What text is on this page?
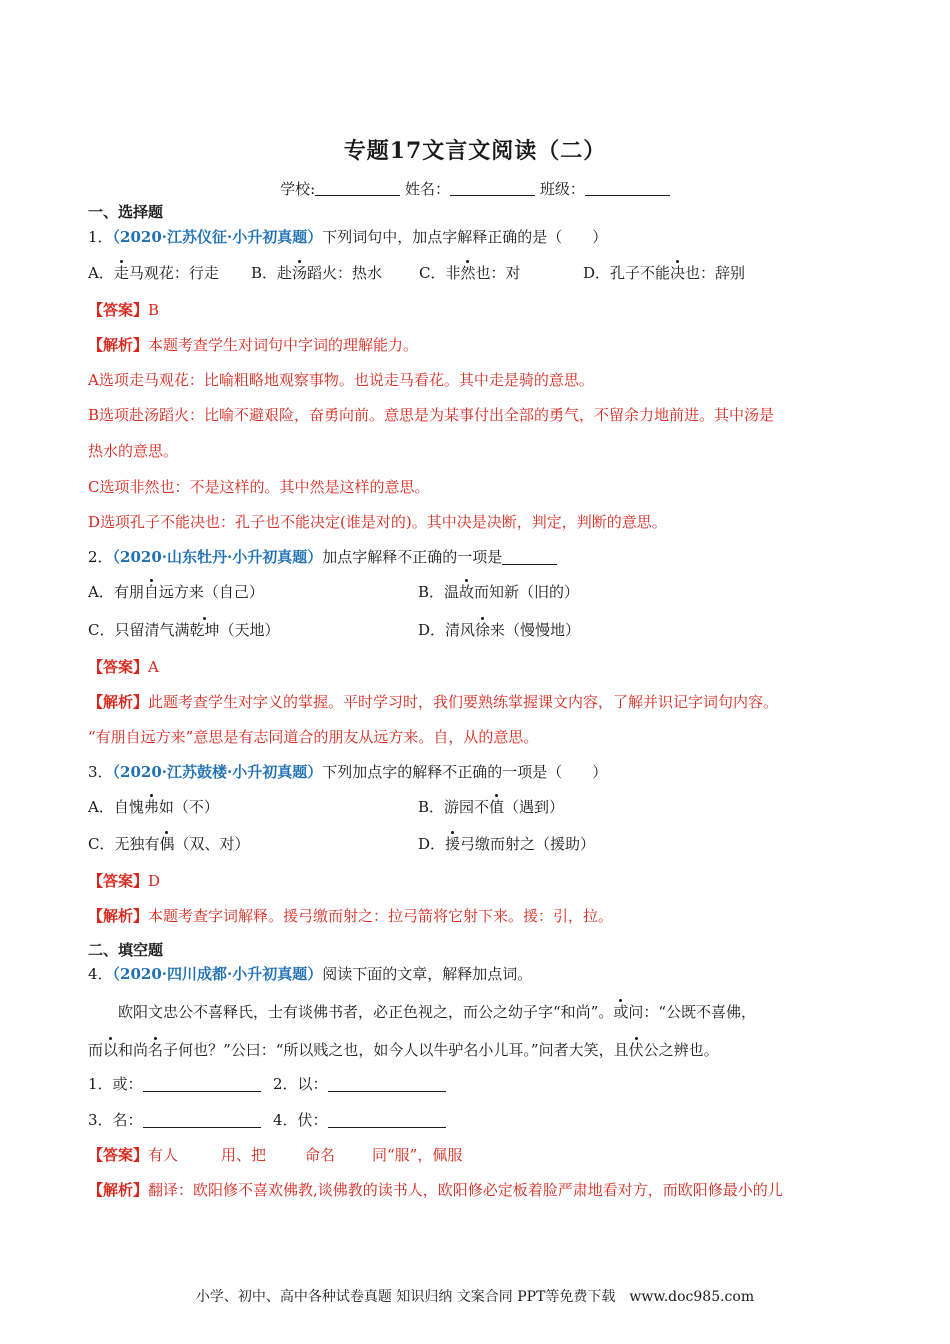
专题17文言文阅读（二）
学校:	姓名：	班级：
一、选择题
1．（2020·江苏仪征·小升初真题）下列词句中，加点字解释正确的是（　　）
A．走马观花：行走 B．赴汤蹈火：热水 C．非然也：对	D．孔子不能决也：辞别
【答案】B
【解析】本题考查学生对词句中字词的理解能力。
A选项走马观花：比喻粗略地观察事物。也说走马看花。其中走是骑的意思。
B选项赴汤蹈火：比喻不避艰险，奋勇向前。意思是为某事付出全部的勇气，不留余力地前进。其中汤是
热水的意思。
C选项非然也：不是这样的。其中然是这样的意思。
D选项孔子不能决也：孔子也不能决定(谁是对的)。其中决是决断，判定，判断的意思。
2．（2020·山东牡丹·小升初真题）加点字解释不正确的一项是
A．有朋自远方来（自己）	B．温故而知新（旧的）
C．只留清气满乾坤（天地）	D．清风徐来（慢慢地）
【答案】A
【解析】此题考查学生对字义的掌握。平时学习时，我们要熟练掌握课文内容，了解并识记字词句内容。
“有朋自远方来”意思是有志同道合的朋友从远方来。自，从的意思。
3．（2020·江苏鼓楼·小升初真题）下列加点字的解释不正确的一项是（　　）
A．自愧弗如（不）	B．游园不值（遇到）
C．无独有偶（双、对）	D．援弓缴而射之（援助）
【答案】D
【解析】本题考查字词解释。援弓缴而射之：拉弓箭将它射下来。援：引，拉。
二、填空题
4．（2020·四川成都·小升初真题）阅读下面的文章，解释加点词。
欧阳文忠公不喜释氏，士有谈佛书者，必正色视之，而公之幼子字“和尚”。或问：“公既不喜佛，
而以和尚名子何也？”公曰：“所以贱之也，如今人以牛驴名小儿耳。”问者大笑，且伏公之辨也。
1．或：	2．以：
3．名：	4．伏：
【答案】有人	用、把	命名 同“服”，佩服
【解析】翻译：欧阳修不喜欢佛教,谈佛教的读书人，欧阳修必定板着脸严肃地看对方，而欧阳修最小的儿
小学、初中、高中各种试卷真题 知识归纳 文案合同 PPT等免费下载　www.doc985.com
